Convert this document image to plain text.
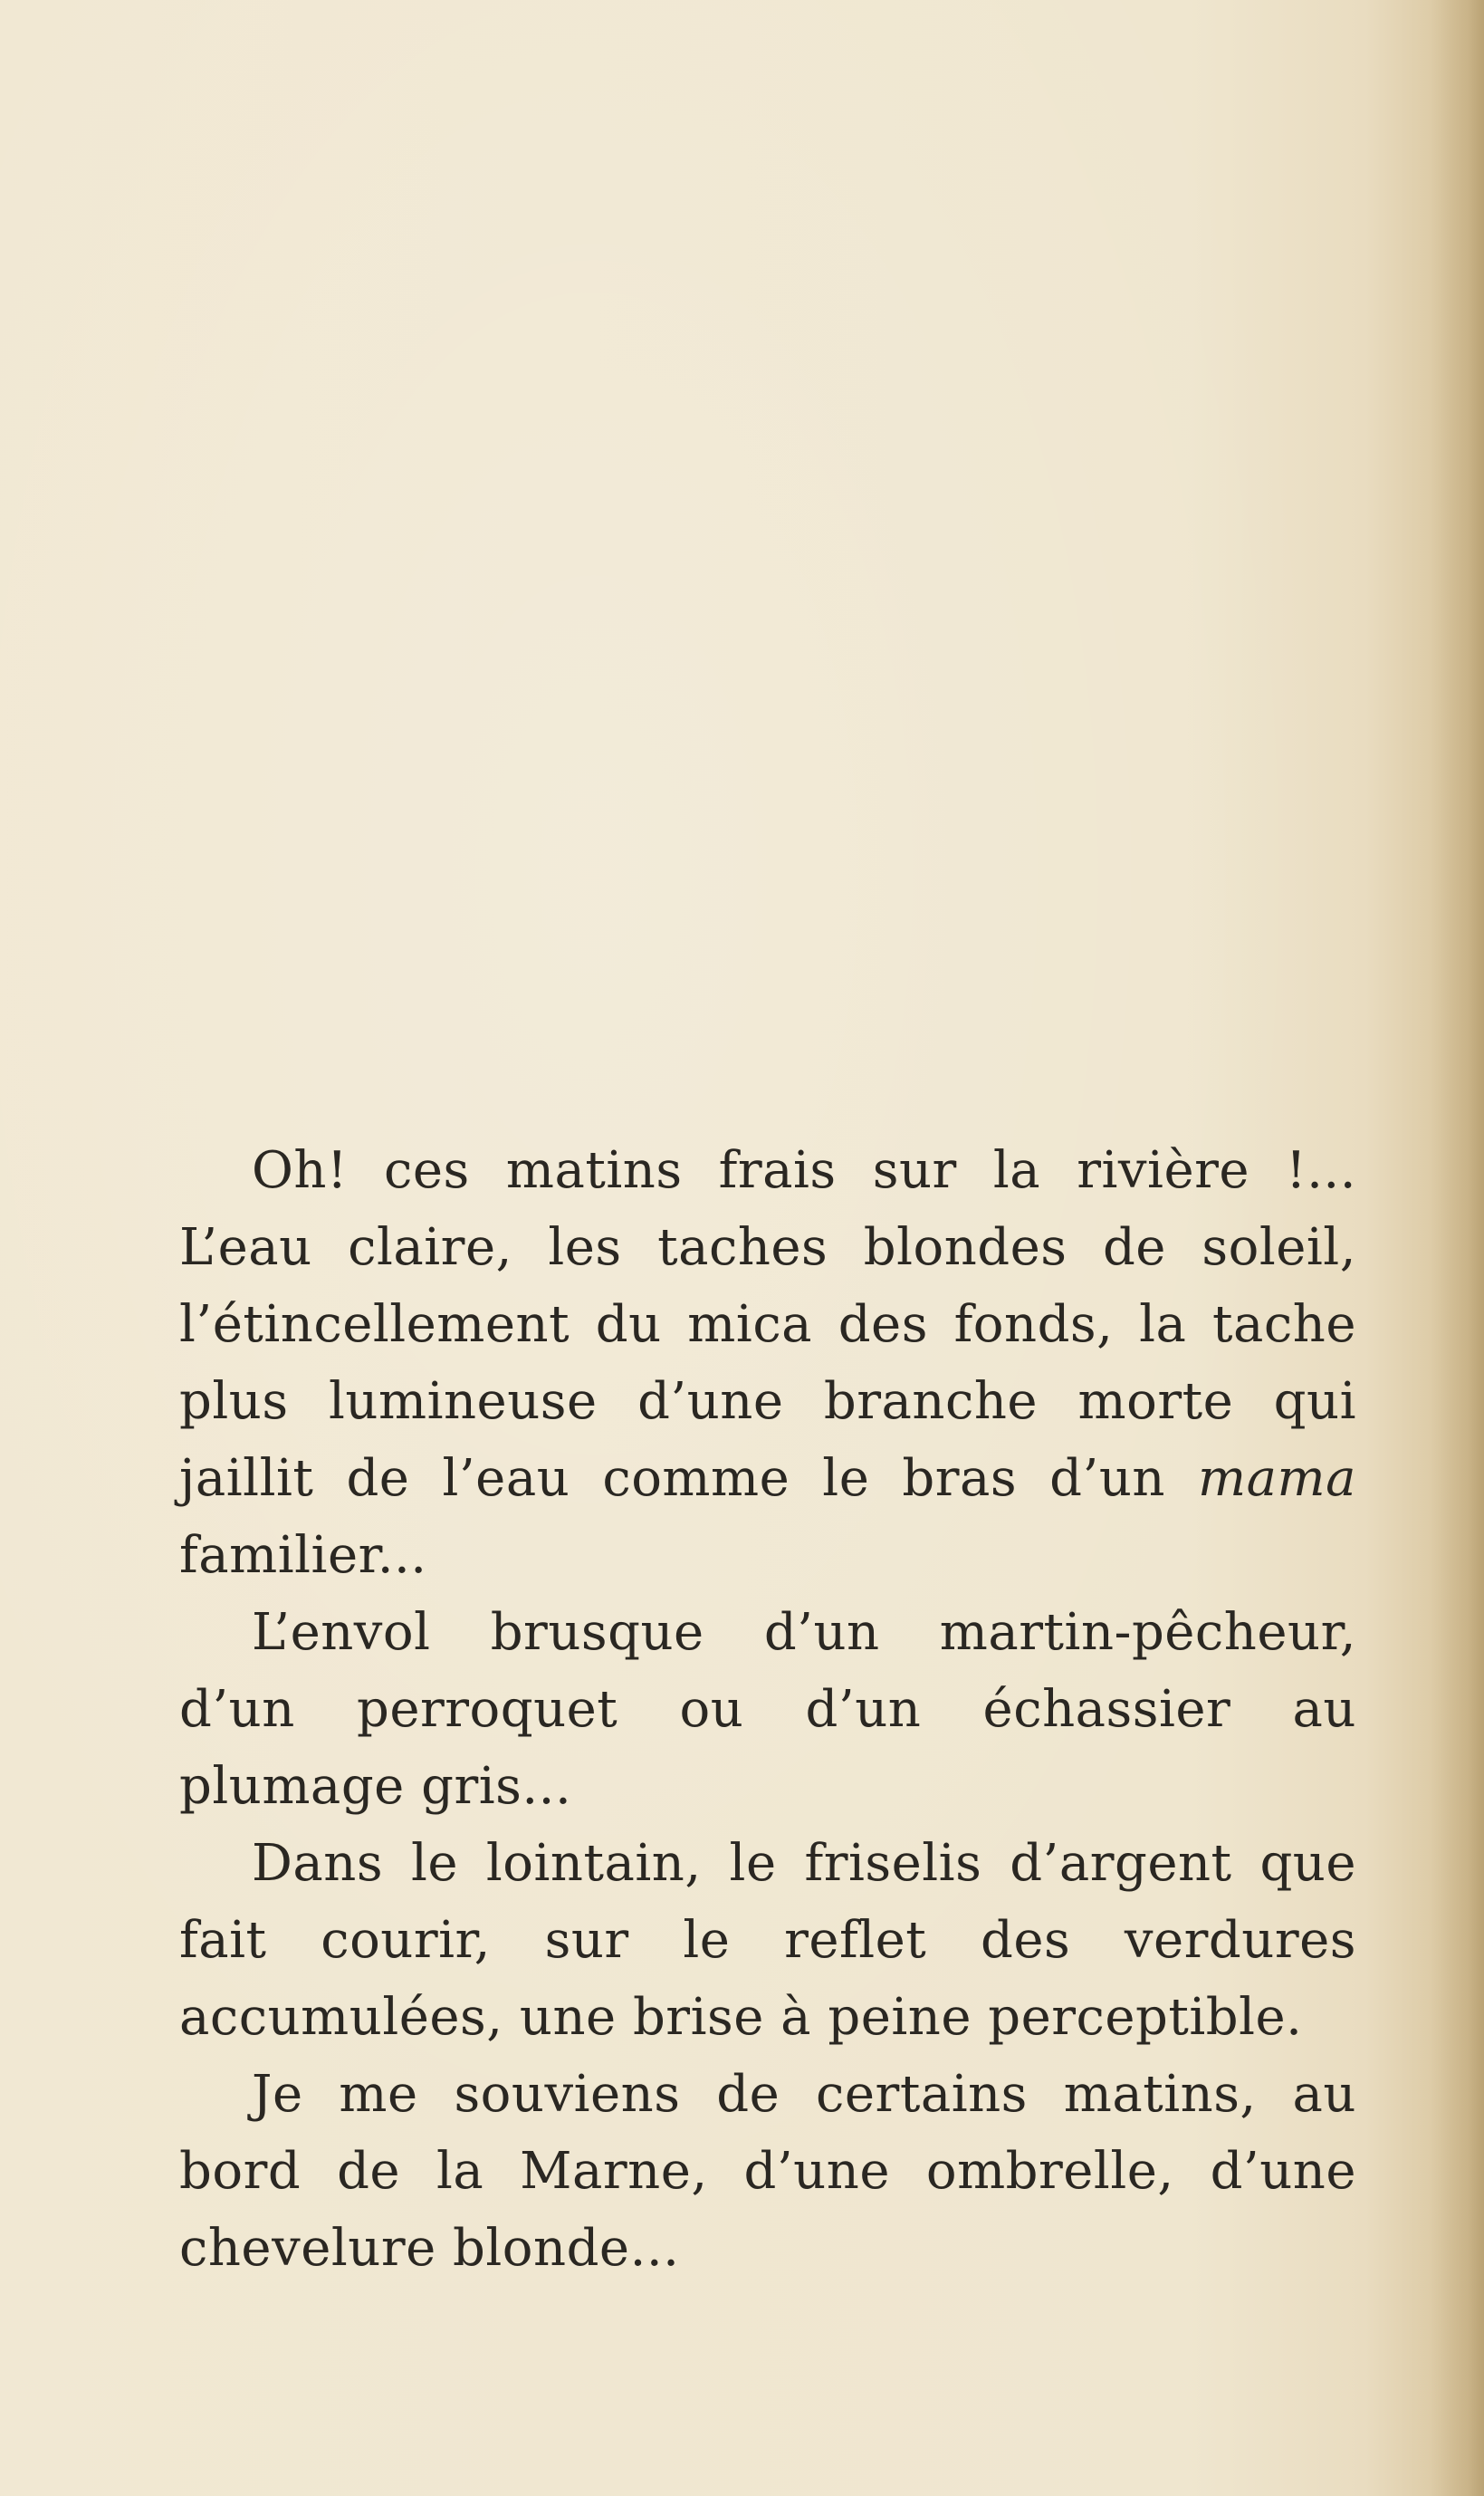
Oh! ces matins frais sur la rivière !... L’eau claire, les taches blondes de soleil, l’étincellement du mica des fonds, la tache plus lumineuse d’une branche morte qui jaillit de l’eau comme le bras d’un mama familier...

L’envol brusque d’un martin-pêcheur, d’un perroquet ou d’un échassier au plumage gris...

Dans le lointain, le friselis d’argent que fait courir, sur le reflet des verdures accumulées, une brise à peine perceptible.

Je me souviens de certains matins, au bord de la Marne, d’une ombrelle, d’une chevelure blonde...
